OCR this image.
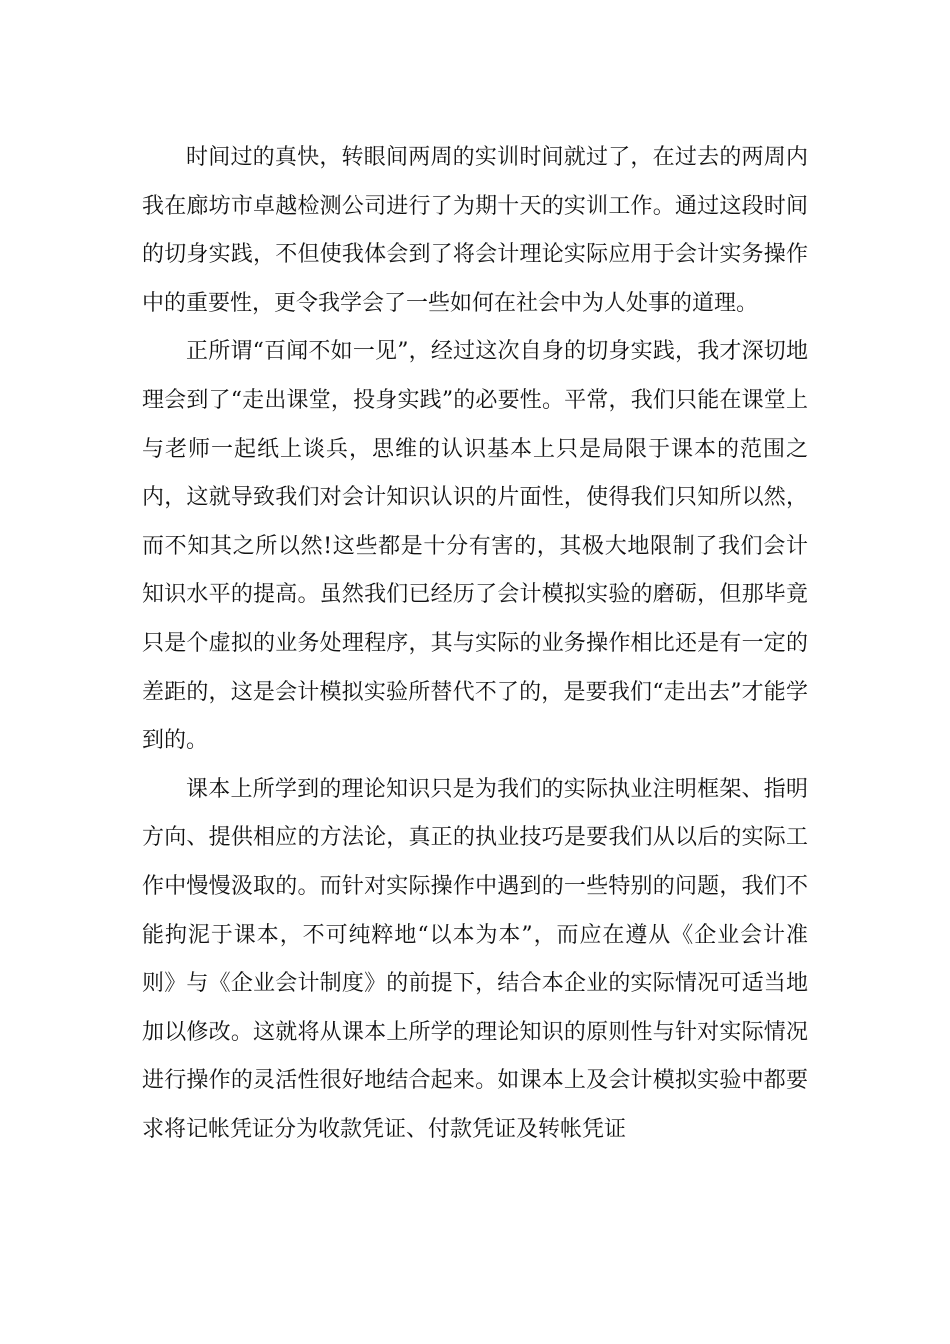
时间过的真快，转眼间两周的实训时间就过了，在过去的两周内我在廊坊市卓越检测公司进行了为期十天的实训工作。通过这段时间的切身实践，不但使我体会到了将会计理论实际应用于会计实务操作中的重要性，更令我学会了一些如何在社会中为人处事的道理。

正所谓“百闻不如一见”，经过这次自身的切身实践，我才深切地理会到了“走出课堂，投身实践”的必要性。平常，我们只能在课堂上与老师一起纸上谈兵，思维的认识基本上只是局限于课本的范围之内，这就导致我们对会计知识认识的片面性，使得我们只知所以然，而不知其之所以然!这些都是十分有害的，其极大地限制了我们会计知识水平的提高。虽然我们已经历了会计模拟实验的磨砺，但那毕竟只是个虚拟的业务处理程序，其与实际的业务操作相比还是有一定的差距的，这是会计模拟实验所替代不了的，是要我们“走出去”才能学到的。

课本上所学到的理论知识只是为我们的实际执业注明框架、指明方向、提供相应的方法论，真正的执业技巧是要我们从以后的实际工作中慢慢汲取的。而针对实际操作中遇到的一些特别的问题，我们不能拘泥于课本，不可纯粹地“以本为本”，而应在遵从《企业会计准则》与《企业会计制度》的前提下，结合本企业的实际情况可适当地加以修改。这就将从课本上所学的理论知识的原则性与针对实际情况进行操作的灵活性很好地结合起来。如课本上及会计模拟实验中都要求将记帐凭证分为收款凭证、付款凭证及转帐凭证
